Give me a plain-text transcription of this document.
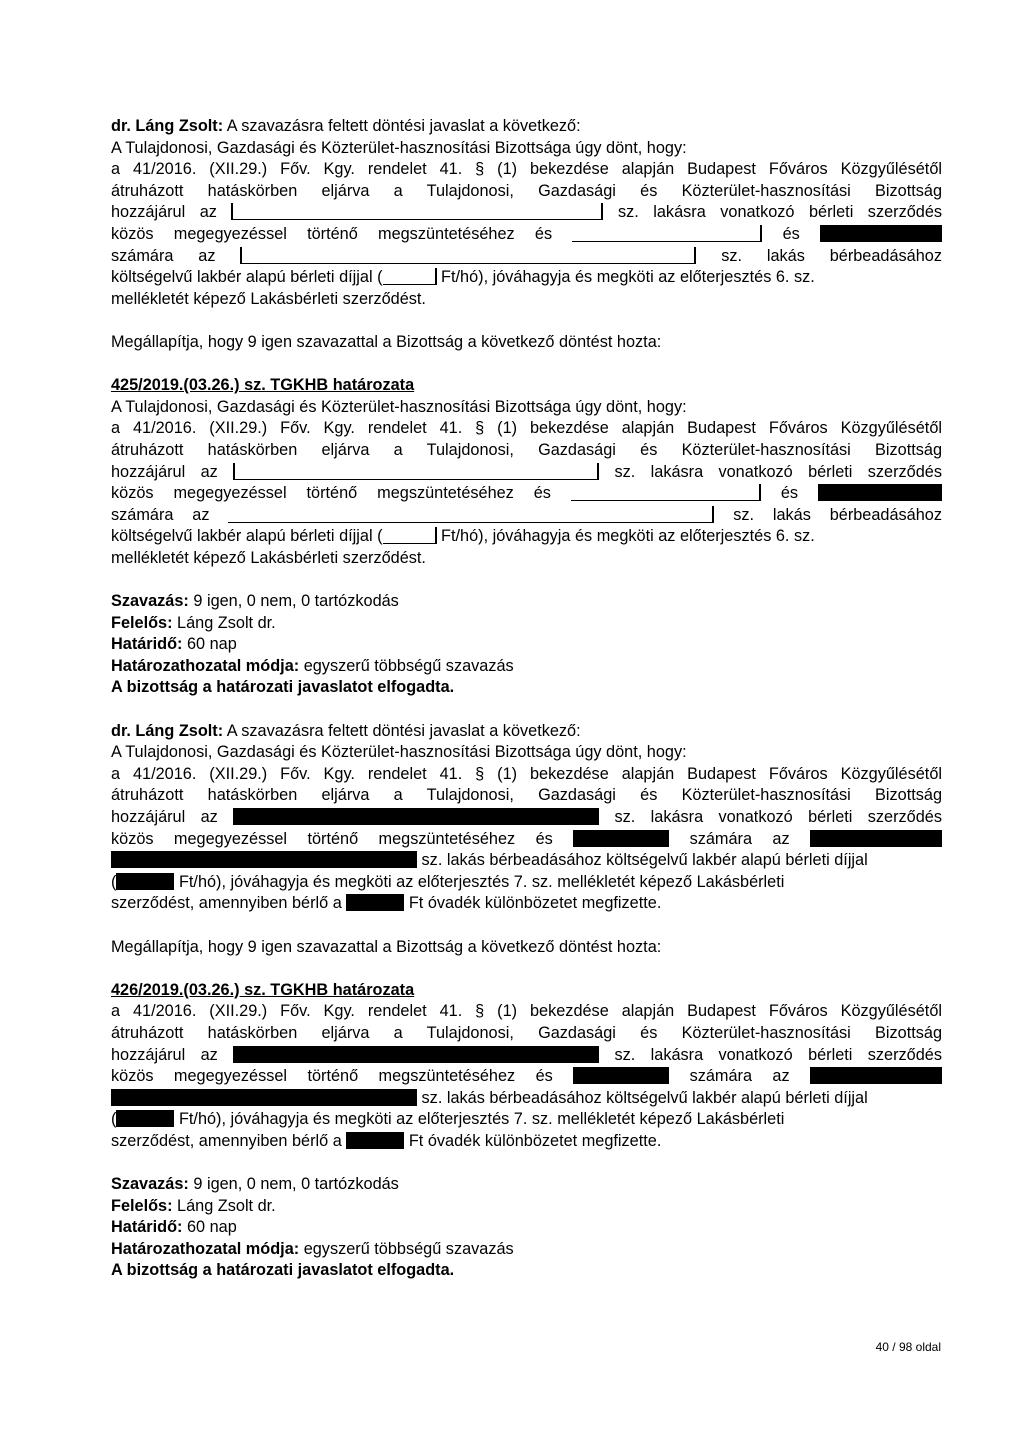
dr. Láng Zsolt: A szavazásra feltett döntési javaslat a következő:
A Tulajdonosi, Gazdasági és Közterület-hasznosítási Bizottsága úgy dönt, hogy:
a 41/2016. (XII.29.) Főv. Kgy. rendelet 41. § (1) bekezdése alapján Budapest Főváros Közgyűlésétől
átruházott hatáskörben eljárva a Tulajdonosi, Gazdasági és Közterület-hasznosítási Bizottság
hozzájárul az	sz. lakásra vonatkozó bérleti szerződés
közös megegyezéssel történő megszüntetéséhez és	és
számára az	sz. lakás bérbeadásához
költségelvű lakbér alapú bérleti díjjal (	Ft/hó), jóváhagyja és megköti az előterjesztés 6. sz.
mellékletét képező Lakásbérleti szerződést.
Megállapítja, hogy 9 igen szavazattal a Bizottság a következő döntést hozta:
425/2019.(03.26.) sz. TGKHB határozata
A Tulajdonosi, Gazdasági és Közterület-hasznosítási Bizottsága úgy dönt, hogy:
a 41/2016. (XII.29.) Főv. Kgy. rendelet 41. § (1) bekezdése alapján Budapest Főváros Közgyűlésétől
átruházott hatáskörben eljárva a Tulajdonosi, Gazdasági és Közterület-hasznosítási Bizottság
hozzájárul az	sz. lakásra vonatkozó bérleti szerződés
közös megegyezéssel történő megszüntetéséhez és	és
számára az	sz. lakás bérbeadásához
költségelvű lakbér alapú bérleti díjjal (	Ft/hó), jóváhagyja és megköti az előterjesztés 6. sz.
mellékletét képező Lakásbérleti szerződést.
Szavazás: 9 igen, 0 nem, 0 tartózkodás
Felelős: Láng Zsolt dr.
Határidő: 60 nap
Határozathozatal módja: egyszerű többségű szavazás
A bizottság a határozati javaslatot elfogadta.
dr. Láng Zsolt: A szavazásra feltett döntési javaslat a következő:
A Tulajdonosi, Gazdasági és Közterület-hasznosítási Bizottsága úgy dönt, hogy:
a 41/2016. (XII.29.) Főv. Kgy. rendelet 41. § (1) bekezdése alapján Budapest Főváros Közgyűlésétől
átruházott hatáskörben eljárva a Tulajdonosi, Gazdasági és Közterület-hasznosítási Bizottság
hozzájárul az	sz. lakásra vonatkozó bérleti szerződés
közös megegyezéssel történő megszüntetéséhez és	számára az
sz. lakás bérbeadásához költségelvű lakbér alapú bérleti díjjal
(	Ft/hó), jóváhagyja és megköti az előterjesztés 7. sz. mellékletét képező Lakásbérleti
szerződést, amennyiben bérlő a	Ft óvadék különbözetet megfizette.
Megállapítja, hogy 9 igen szavazattal a Bizottság a következő döntést hozta:
426/2019.(03.26.) sz. TGKHB határozata
a 41/2016. (XII.29.) Főv. Kgy. rendelet 41. § (1) bekezdése alapján Budapest Főváros Közgyűlésétől
átruházott hatáskörben eljárva a Tulajdonosi, Gazdasági és Közterület-hasznosítási Bizottság
hozzájárul az	sz. lakásra vonatkozó bérleti szerződés
közös megegyezéssel történő megszüntetéséhez és	számára az
sz. lakás bérbeadásához költségelvű lakbér alapú bérleti díjjal
(	Ft/hó), jóváhagyja és megköti az előterjesztés 7. sz. mellékletét képező Lakásbérleti
szerződést, amennyiben bérlő a	Ft óvadék különbözetet megfizette.
Szavazás: 9 igen, 0 nem, 0 tartózkodás
Felelős: Láng Zsolt dr.
Határidő: 60 nap
Határozathozatal módja: egyszerű többségű szavazás
A bizottság a határozati javaslatot elfogadta.
40 / 98 oldal
